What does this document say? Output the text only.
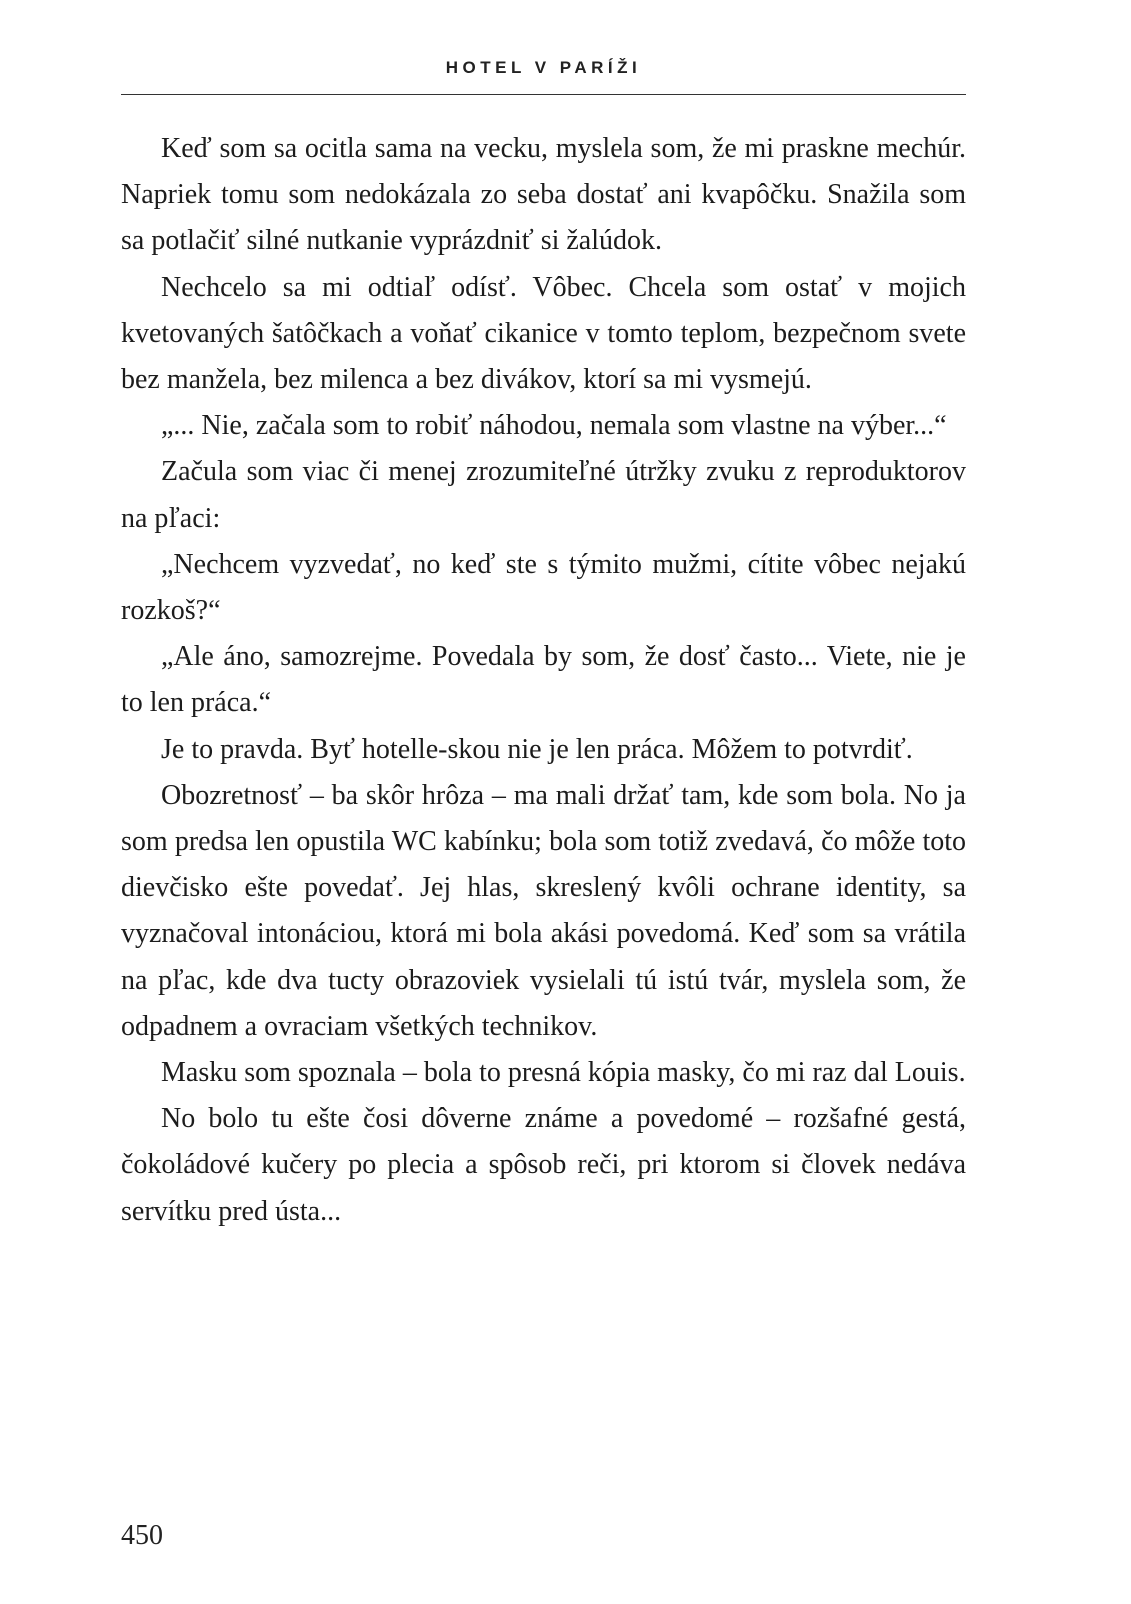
HOTEL V PARÍŽI

Keď som sa ocitla sama na vecku, myslela som, že mi praskne mechúr. Napriek tomu som nedokázala zo seba dostať ani kvapôčku. Snažila som sa potlačiť silné nutkanie vyprázdniť si žalúdok.

Nechcelo sa mi odtiaľ odísť. Vôbec. Chcela som ostať v mojich kvetovaných šatôčkach a voňať cikanice v tomto teplom, bezpečnom svete bez manžela, bez milenca a bez divákov, ktorí sa mi vysmejú.

„... Nie, začala som to robiť náhodou, nemala som vlastne na výber...“

Začula som viac či menej zrozumiteľné útržky zvuku z reproduktorov na pľaci:

„Nechcem vyzvedať, no keď ste s týmito mužmi, cítite vôbec nejakú rozkoš?“

„Ale áno, samozrejme. Povedala by som, že dosť často... Viete, nie je to len práca.“

Je to pravda. Byť hotelle-skou nie je len práca. Môžem to potvrdiť.

Obozretnosť – ba skôr hrôza – ma mali držať tam, kde som bola. No ja som predsa len opustila WC kabínku; bola som totiž zvedavá, čo môže toto dievčisko ešte povedať. Jej hlas, skreslený kvôli ochrane identity, sa vyznačoval intonáciou, ktorá mi bola akási povedomá. Keď som sa vrátila na pľac, kde dva tucty obrazoviek vysielali tú istú tvár, myslela som, že odpadnem a ovraciam všetkých technikov.

Masku som spoznala – bola to presná kópia masky, čo mi raz dal Louis.

No bolo tu ešte čosi dôverne známe a povedomé – rozšafné gestá, čokoládové kučery po plecia a spôsob reči, pri ktorom si človek nedáva servítku pred ústa...

450
